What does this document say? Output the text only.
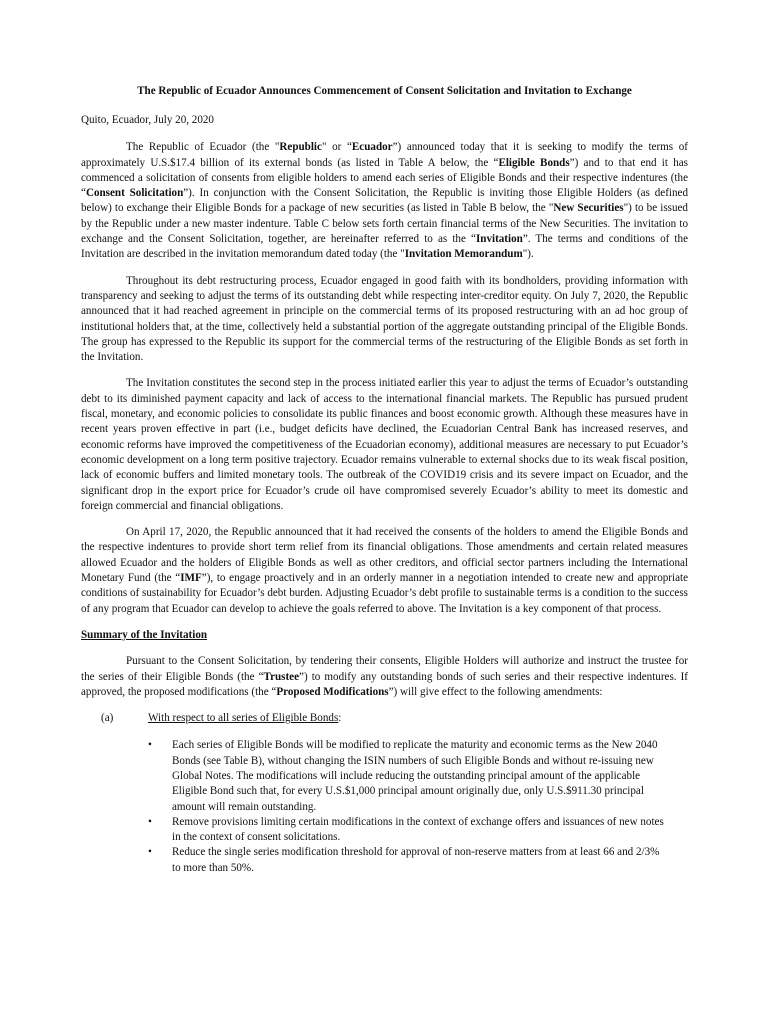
The Republic of Ecuador Announces Commencement of Consent Solicitation and Invitation to Exchange

Quito, Ecuador, July 20, 2020

The Republic of Ecuador (the "Republic" or “Ecuador”) announced today that it is seeking to modify the terms of approximately U.S.$17.4 billion of its external bonds (as listed in Table A below, the “Eligible Bonds”) and to that end it has commenced a solicitation of consents from eligible holders to amend each series of Eligible Bonds and their respective indentures (the “Consent Solicitation”). In conjunction with the Consent Solicitation, the Republic is inviting those Eligible Holders (as defined below) to exchange their Eligible Bonds for a package of new securities (as listed in Table B below, the "New Securities") to be issued by the Republic under a new master indenture. Table C below sets forth certain financial terms of the New Securities. The invitation to exchange and the Consent Solicitation, together, are hereinafter referred to as the “Invitation”. The terms and conditions of the Invitation are described in the invitation memorandum dated today (the "Invitation Memorandum").

Throughout its debt restructuring process, Ecuador engaged in good faith with its bondholders, providing information with transparency and seeking to adjust the terms of its outstanding debt while respecting inter-creditor equity. On July 7, 2020, the Republic announced that it had reached agreement in principle on the commercial terms of its proposed restructuring with an ad hoc group of institutional holders that, at the time, collectively held a substantial portion of the aggregate outstanding principal of the Eligible Bonds. The group has expressed to the Republic its support for the commercial terms of the restructuring of the Eligible Bonds as set forth in the Invitation.

The Invitation constitutes the second step in the process initiated earlier this year to adjust the terms of Ecuador’s outstanding debt to its diminished payment capacity and lack of access to the international financial markets. The Republic has pursued prudent fiscal, monetary, and economic policies to consolidate its public finances and boost economic growth. Although these measures have in recent years proven effective in part (i.e., budget deficits have declined, the Ecuadorian Central Bank has increased reserves, and economic reforms have improved the competitiveness of the Ecuadorian economy), additional measures are necessary to put Ecuador’s economic development on a long term positive trajectory. Ecuador remains vulnerable to external shocks due to its weak fiscal position, lack of economic buffers and limited monetary tools. The outbreak of the COVID19 crisis and its severe impact on Ecuador, and the significant drop in the export price for Ecuador’s crude oil have compromised severely Ecuador’s ability to meet its domestic and foreign commercial and financial obligations.

On April 17, 2020, the Republic announced that it had received the consents of the holders to amend the Eligible Bonds and the respective indentures to provide short term relief from its financial obligations. Those amendments and certain related measures allowed Ecuador and the holders of Eligible Bonds as well as other creditors, and official sector partners including the International Monetary Fund (the “IMF”), to engage proactively and in an orderly manner in a negotiation intended to create new and appropriate conditions of sustainability for Ecuador’s debt burden. Adjusting Ecuador’s debt profile to sustainable terms is a condition to the success of any program that Ecuador can develop to achieve the goals referred to above. The Invitation is a key component of that process.

Summary of the Invitation

Pursuant to the Consent Solicitation, by tendering their consents, Eligible Holders will authorize and instruct the trustee for the series of their Eligible Bonds (the “Trustee”) to modify any outstanding bonds of such series and their respective indentures. If approved, the proposed modifications (the “Proposed Modifications”) will give effect to the following amendments:

(a)	With respect to all series of Eligible Bonds:

• Each series of Eligible Bonds will be modified to replicate the maturity and economic terms as the New 2040 Bonds (see Table B), without changing the ISIN numbers of such Eligible Bonds and without re-issuing new Global Notes. The modifications will include reducing the outstanding principal amount of the applicable Eligible Bond such that, for every U.S.$1,000 principal amount originally due, only U.S.$911.30 principal amount will remain outstanding.
• Remove provisions limiting certain modifications in the context of exchange offers and issuances of new notes in the context of consent solicitations.
• Reduce the single series modification threshold for approval of non-reserve matters from at least 66 and 2/3% to more than 50%.
